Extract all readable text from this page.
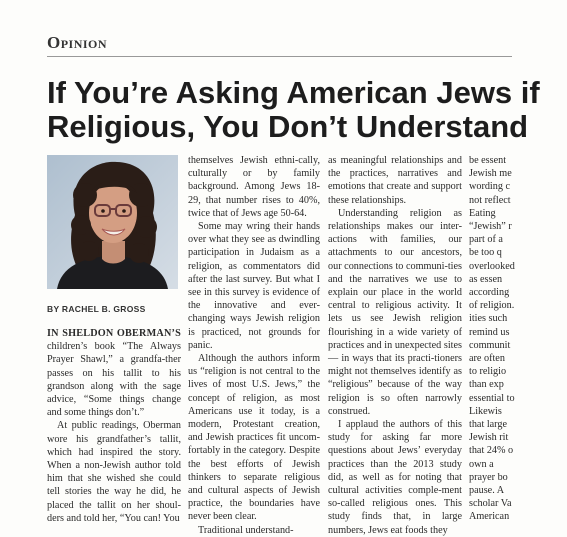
Opinion
If You’re Asking American Jews if
Religious, You Don’t Understand
BY RACHEL B. GROSS

IN SHELDON OBERMAN’S children’s book “The Always Prayer Shawl,” a grandfa-ther passes on his tallit to his grandson along with the sage advice, “Some things change and some things don’t.”

At public readings, Oberman wore his grandfather’s tallit, which had inspired the story. When a non-Jewish author told him that she wished she could tell stories the way he did, he placed the tallit on her shoul-ders and told her, “You can! You

themselves Jewish ethni-cally, culturally or by family background. Among Jews 18-29, that number rises to 40%, twice that of Jews age 50-64.

Some may wring their hands over what they see as dwindling participation in Judaism as a religion, as commentators did after the last survey. But what I see in this survey is evidence of the innovative and ever-changing ways Jewish religion is practiced, not grounds for panic.

Although the authors inform us “religion is not central to the lives of most U.S. Jews,” the concept of religion, as most Americans use it today, is a modern, Protestant creation, and Jewish practices fit uncom-fortably in the category. Despite the best efforts of Jewish thinkers to separate religious and cultural aspects of Jewish practice, the boundaries have never been clear.

Traditional understand-

as meaningful relationships and the practices, narratives and emotions that create and support these relationships.

Understanding religion as relationships makes our inter-actions with families, our attachments to our ancestors, our connections to communi-ties and the narratives we use to explain our place in the world central to religious activity. It lets us see Jewish religion flourishing in a wide variety of practices and in unexpected sites — in ways that its practi-tioners might not themselves identify as “religious” because of the way religion is so often narrowly construed.

I applaud the authors of this study for asking far more questions about Jews’ everyday practices than the 2013 study did, as well as for noting that cultural activities comple-ment so-called religious ones. This study finds that, in large numbers, Jews eat foods they

be essent
Jewish me
wording c
not reflect
Eating
“Jewish” r
part of a
be too q
overlooked
as essen
according
of religion.
ities such
remind us
communit
are often
to religio
than exp
essential to
Likewis
that large
Jewish rit
that 24% o
own a
prayer bo
pause. A
scholar Va
American
